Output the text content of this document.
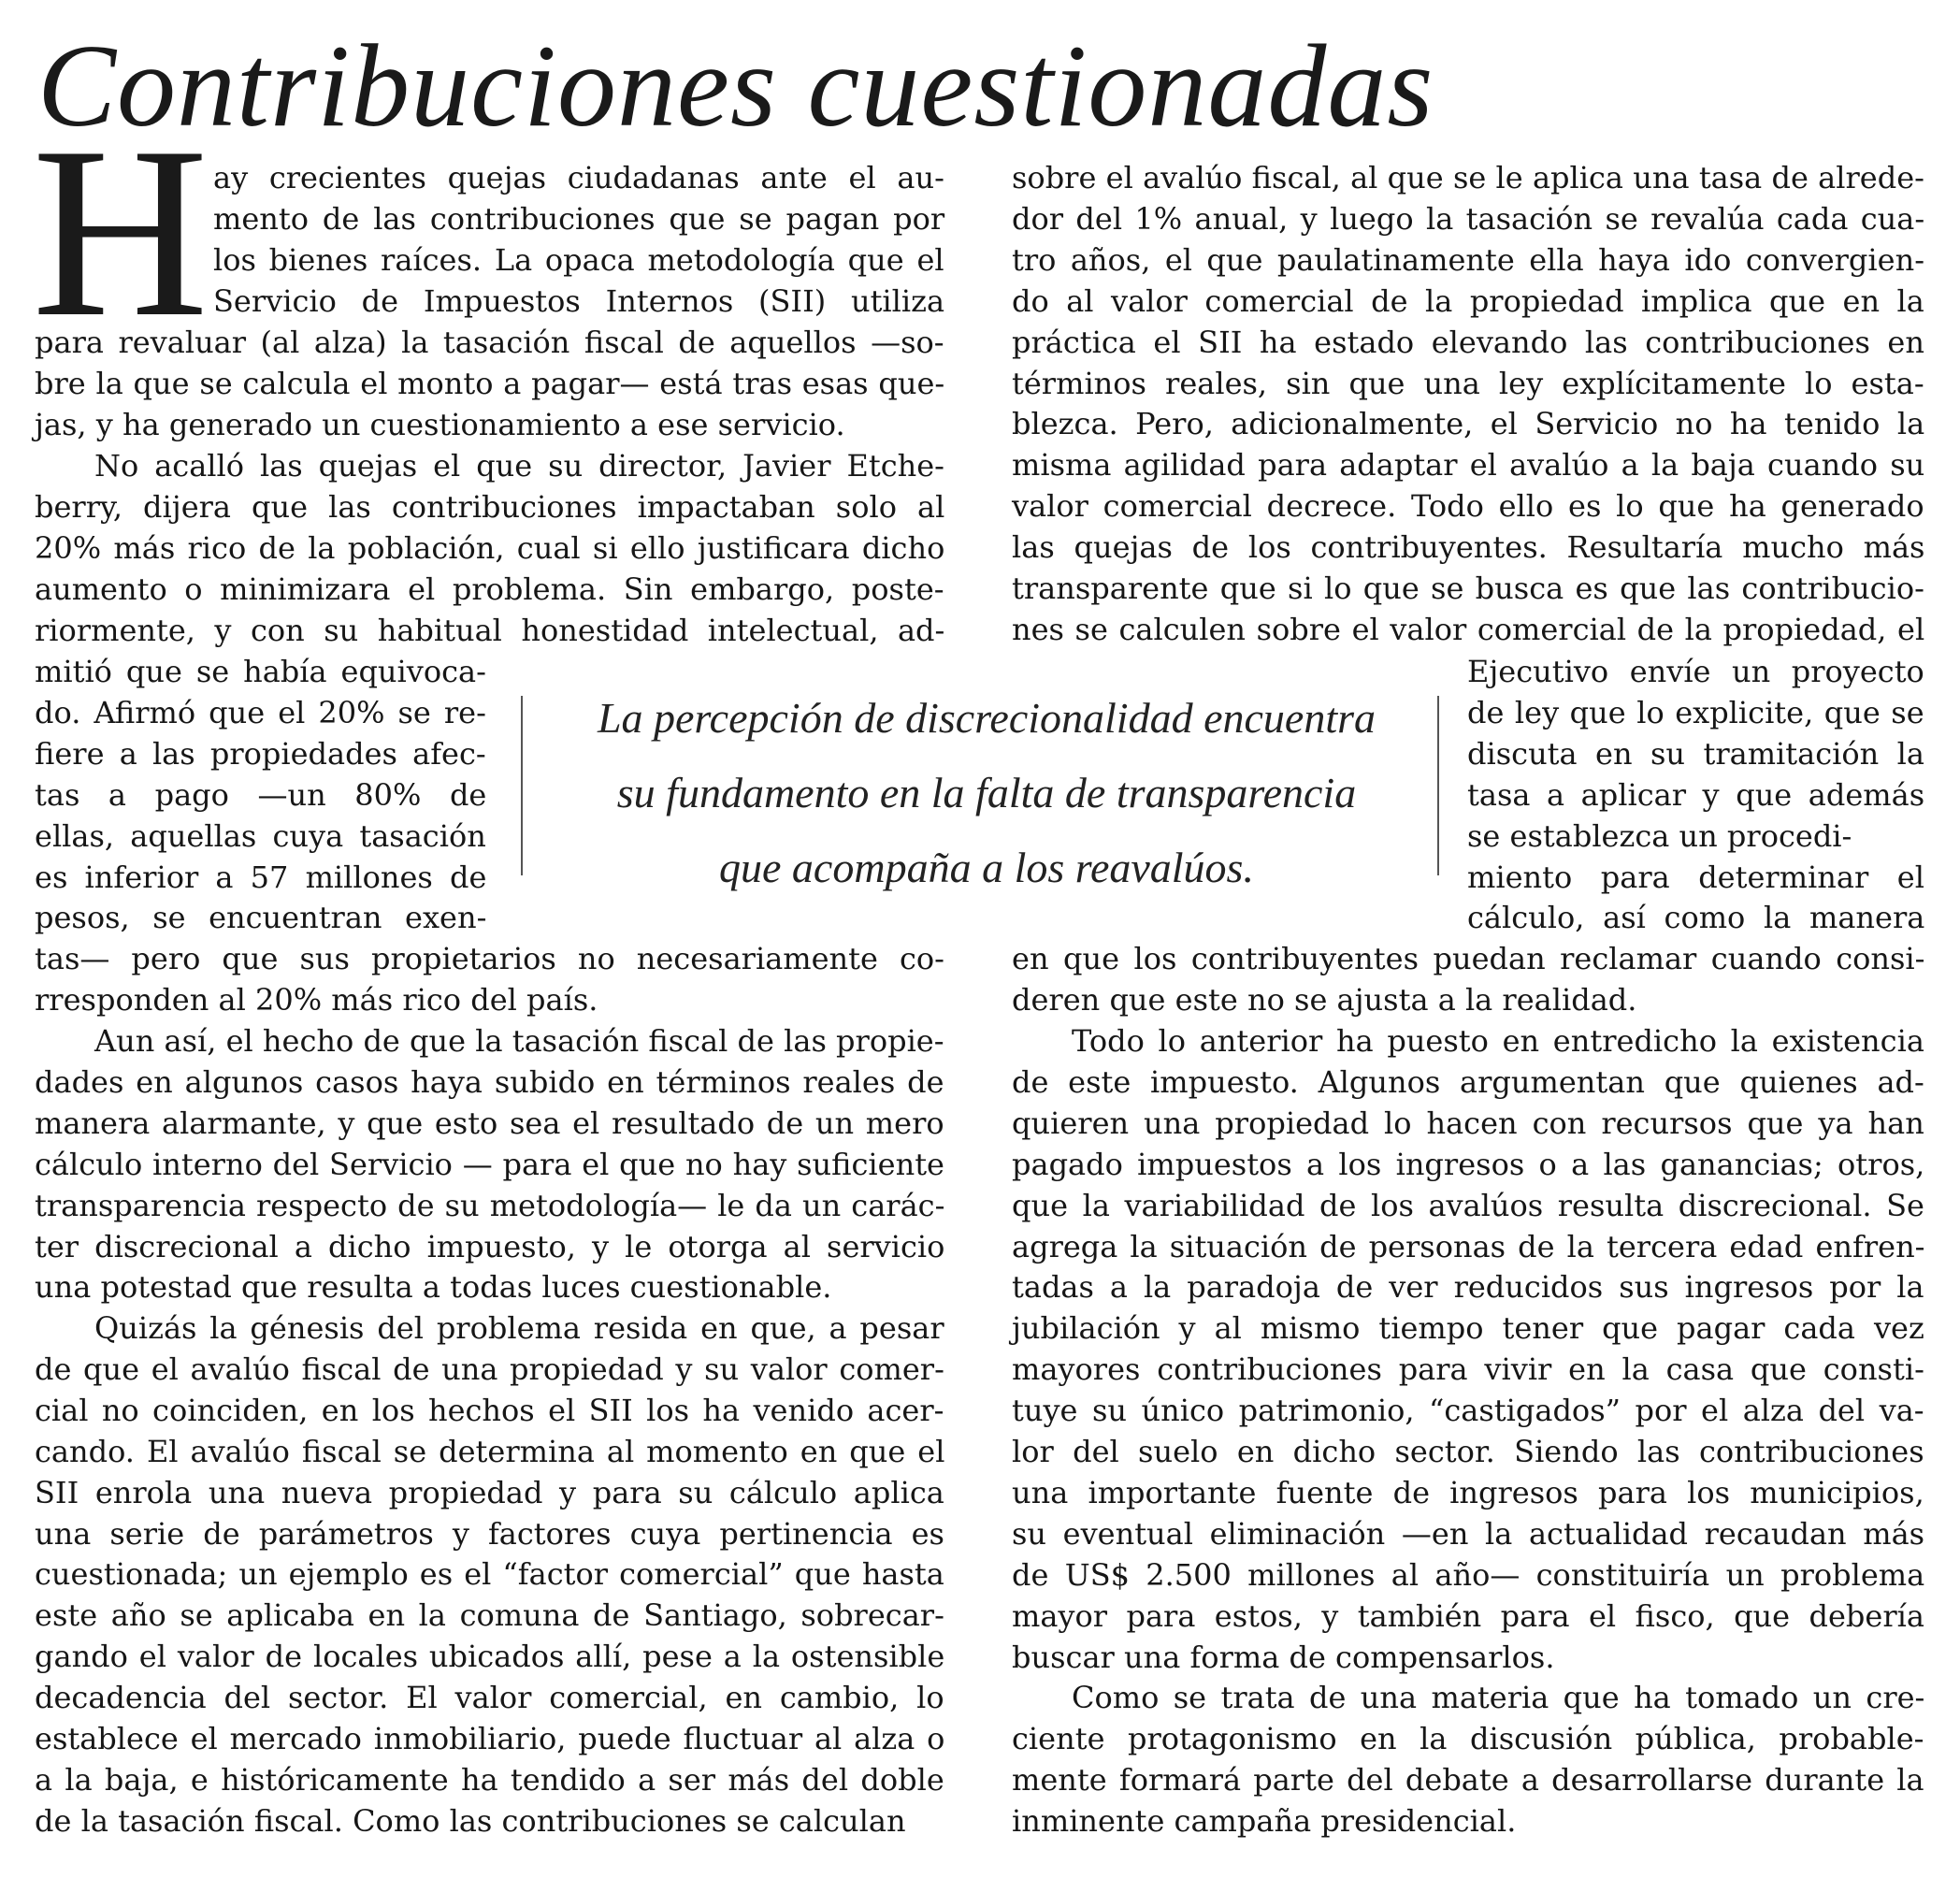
Contribuciones cuestionadas
H ay crecientes quejas ciudadanas ante el au-
mento de las contribuciones que se pagan por
los bienes raíces. La opaca metodología que el
Servicio de Impuestos Internos (SII) utiliza
para revaluar (al alza) la tasación fiscal de aquellos —so-
bre la que se calcula el monto a pagar— está tras esas que-
jas, y ha generado un cuestionamiento a ese servicio.
No acalló las quejas el que su director, Javier Etche-
berry, dijera que las contribuciones impactaban solo al
20% más rico de la población, cual si ello justificara dicho
aumento o minimizara el problema. Sin embargo, poste-
riormente, y con su habitual honestidad intelectual, ad-
mitió que se había equivoca-
do. Afirmó que el 20% se re-
fiere a las propiedades afec-
tas a pago —un 80% de
ellas, aquellas cuya tasación
es inferior a 57 millones de
pesos, se encuentran exen-
tas— pero que sus propietarios no necesariamente co-
rresponden al 20% más rico del país.
Aun así, el hecho de que la tasación fiscal de las propie-
dades en algunos casos haya subido en términos reales de
manera alarmante, y que esto sea el resultado de un mero
cálculo interno del Servicio — para el que no hay suficiente
transparencia respecto de su metodología— le da un carác-
ter discrecional a dicho impuesto, y le otorga al servicio
una potestad que resulta a todas luces cuestionable.
Quizás la génesis del problema resida en que, a pesar
de que el avalúo fiscal de una propiedad y su valor comer-
cial no coinciden, en los hechos el SII los ha venido acer-
cando. El avalúo fiscal se determina al momento en que el
SII enrola una nueva propiedad y para su cálculo aplica
una serie de parámetros y factores cuya pertinencia es
cuestionada; un ejemplo es el “factor comercial” que hasta
este año se aplicaba en la comuna de Santiago, sobrecar-
gando el valor de locales ubicados allí, pese a la ostensible
decadencia del sector. El valor comercial, en cambio, lo
establece el mercado inmobiliario, puede fluctuar al alza o
a la baja, e históricamente ha tendido a ser más del doble
de la tasación fiscal. Como las contribuciones se calculan
sobre el avalúo fiscal, al que se le aplica una tasa de alrede-
dor del 1% anual, y luego la tasación se revalúa cada cua-
tro años, el que paulatinamente ella haya ido convergien-
do al valor comercial de la propiedad implica que en la
práctica el SII ha estado elevando las contribuciones en
términos reales, sin que una ley explícitamente lo esta-
blezca. Pero, adicionalmente, el Servicio no ha tenido la
misma agilidad para adaptar el avalúo a la baja cuando su
valor comercial decrece. Todo ello es lo que ha generado
las quejas de los contribuyentes. Resultaría mucho más
transparente que si lo que se busca es que las contribucio-
nes se calculen sobre el valor comercial de la propiedad, el
Ejecutivo envíe un proyecto
de ley que lo explicite, que se
discuta en su tramitación la
tasa a aplicar y que además
se establezca un procedi-
miento para determinar el
cálculo, así como la manera
en que los contribuyentes puedan reclamar cuando consi-
deren que este no se ajusta a la realidad.
Todo lo anterior ha puesto en entredicho la existencia
de este impuesto. Algunos argumentan que quienes ad-
quieren una propiedad lo hacen con recursos que ya han
pagado impuestos a los ingresos o a las ganancias; otros,
que la variabilidad de los avalúos resulta discrecional. Se
agrega la situación de personas de la tercera edad enfren-
tadas a la paradoja de ver reducidos sus ingresos por la
jubilación y al mismo tiempo tener que pagar cada vez
mayores contribuciones para vivir en la casa que consti-
tuye su único patrimonio, “castigados” por el alza del va-
lor del suelo en dicho sector. Siendo las contribuciones
una importante fuente de ingresos para los municipios,
su eventual eliminación —en la actualidad recaudan más
de US$ 2.500 millones al año— constituiría un problema
mayor para estos, y también para el fisco, que debería
buscar una forma de compensarlos.
Como se trata de una materia que ha tomado un cre-
ciente protagonismo en la discusión pública, probable-
mente formará parte del debate a desarrollarse durante la
inminente campaña presidencial.
La percepción de discrecionalidad encuentra
su fundamento en la falta de transparencia
que acompaña a los reavalúos.
